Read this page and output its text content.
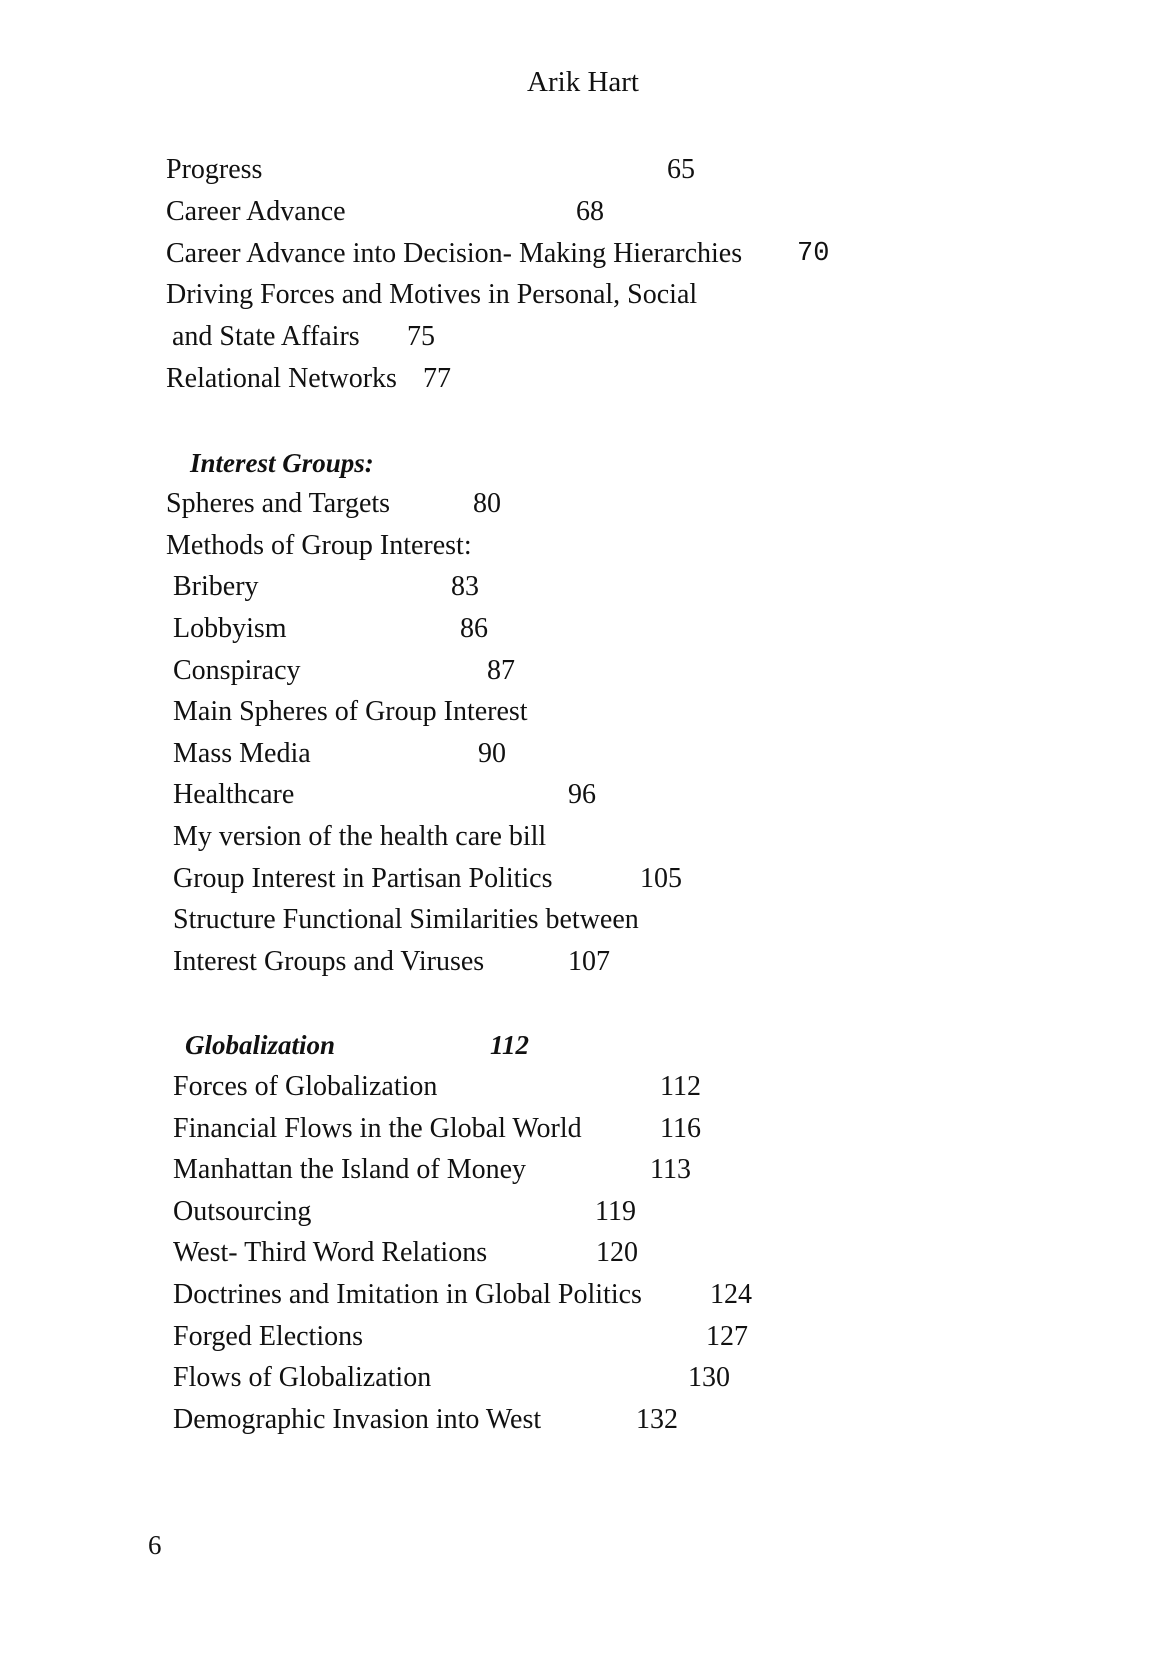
Arik Hart
Progress	65
Career Advance	68
Career Advance into Decision- Making Hierarchies 70
Driving Forces and Motives in Personal, Social
and State Affairs 75
Relational Networks 77
Interest Groups:
Spheres and Targets	80
Methods of Group Interest:
Bribery	83
Lobbyism	86
Conspiracy	87
Main Spheres of Group Interest
Mass Media	90
Healthcare	96
My version of the health care bill
Group Interest in Partisan Politics	105
Structure Functional Similarities between
Interest Groups and Viruses	107
Globalization	112
Forces of Globalization	112
Financial Flows in the Global World	116
Manhattan the Island of Money	113
Outsourcing	119
West- Third Word Relations	120
Doctrines and Imitation in Global Politics 124
Forged Elections	127
Flows of Globalization	130
Demographic Invasion into West	132
6
